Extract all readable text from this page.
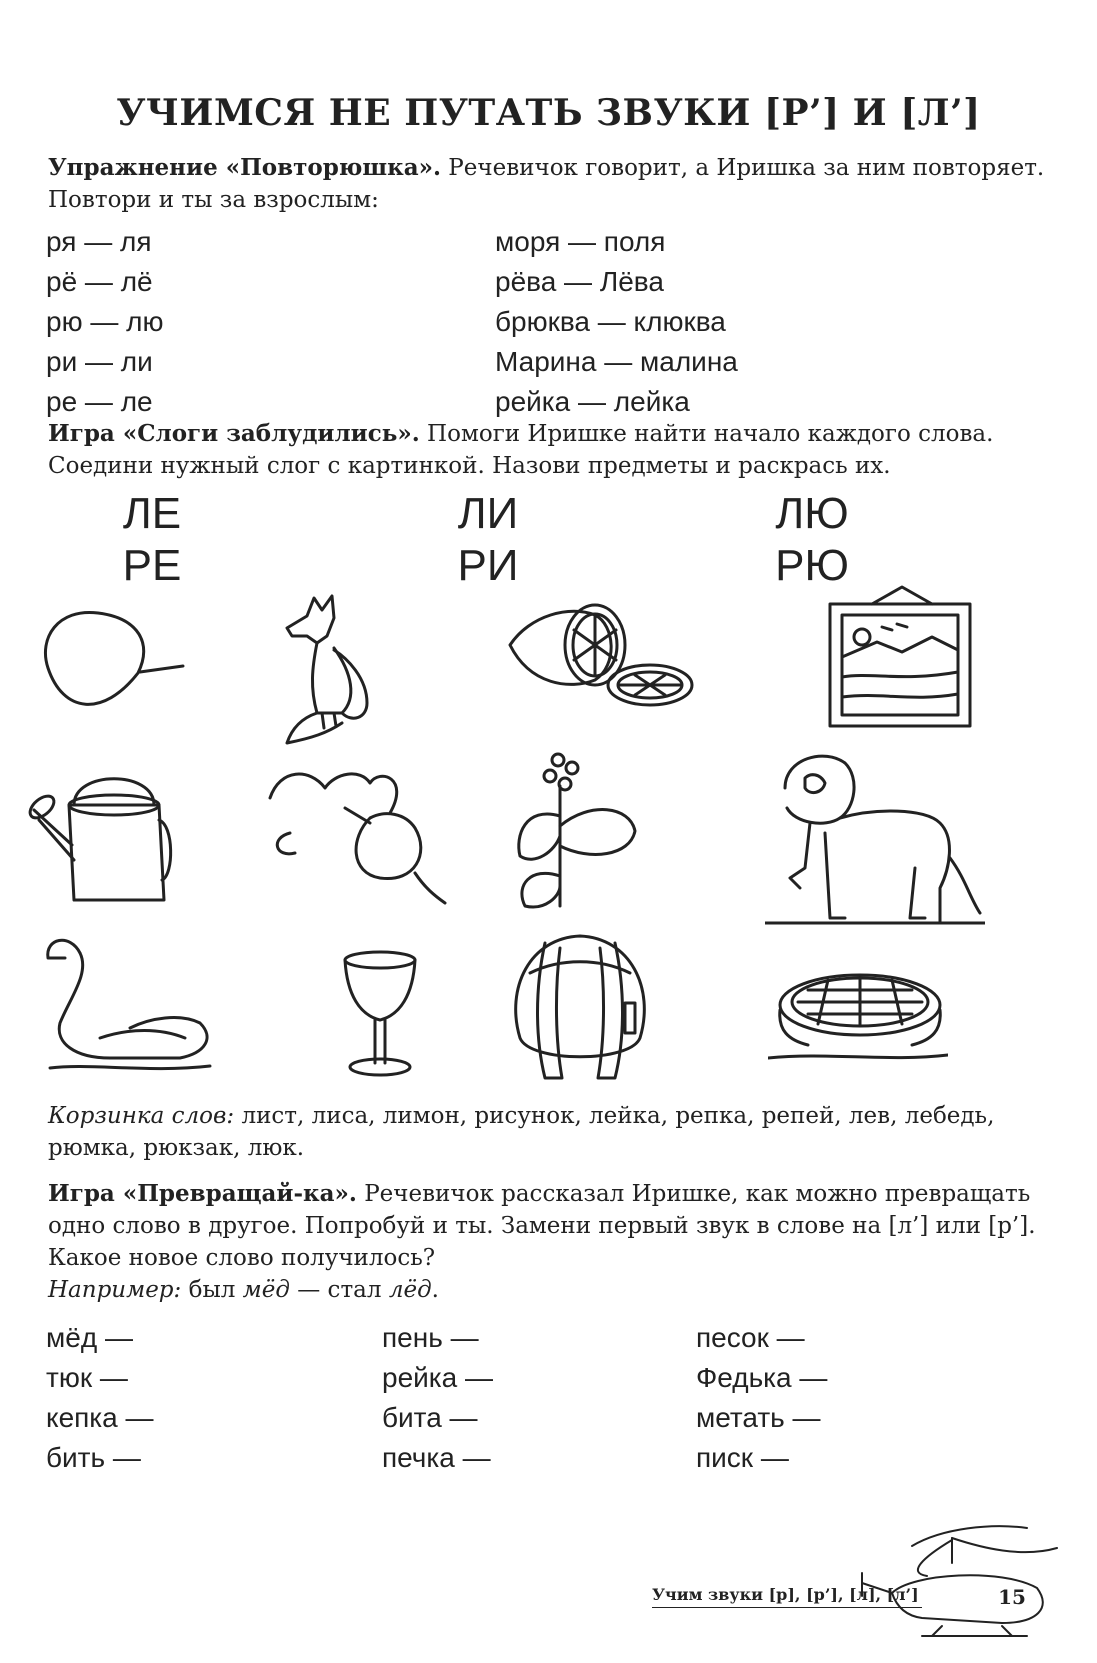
УЧИМСЯ НЕ ПУТАТЬ ЗВУКИ [Р’] И [Л’]
Упражнение «Повторюшка». Речевичок говорит, а Иришка за ним повторяет. Повтори и ты за взрослым:
ря — ля
рё — лё
рю — лю
ри — ли
ре — ле
моря — поля
рёва — Лёва
брюква — клюква
Марина — малина
рейка — лейка
Игра «Слоги заблудились». Помоги Иришке найти начало каждого слова. Соедини нужный слог с картинкой. Назови предметы и раскрась их.
ЛЕ
РЕ
ЛИ
РИ
ЛЮ
РЮ
Корзинка слов: лист, лиса, лимон, рисунок, лейка, репка, репей, лев, лебедь, рюмка, рюкзак, люк.
Игра «Превращай-ка». Речевичок рассказал Иришке, как можно превращать одно слово в другое. Попробуй и ты. Замени первый звук в слове на [л’] или [р’]. Какое новое слово получилось?
Например: был мёд — стал лёд.
мёд —
тюк —
кепка —
бить —
пень —
рейка —
бита —
печка —
песок —
Федька —
метать —
писк —
Учим звуки [р], [р’], [л], [л’]	15
